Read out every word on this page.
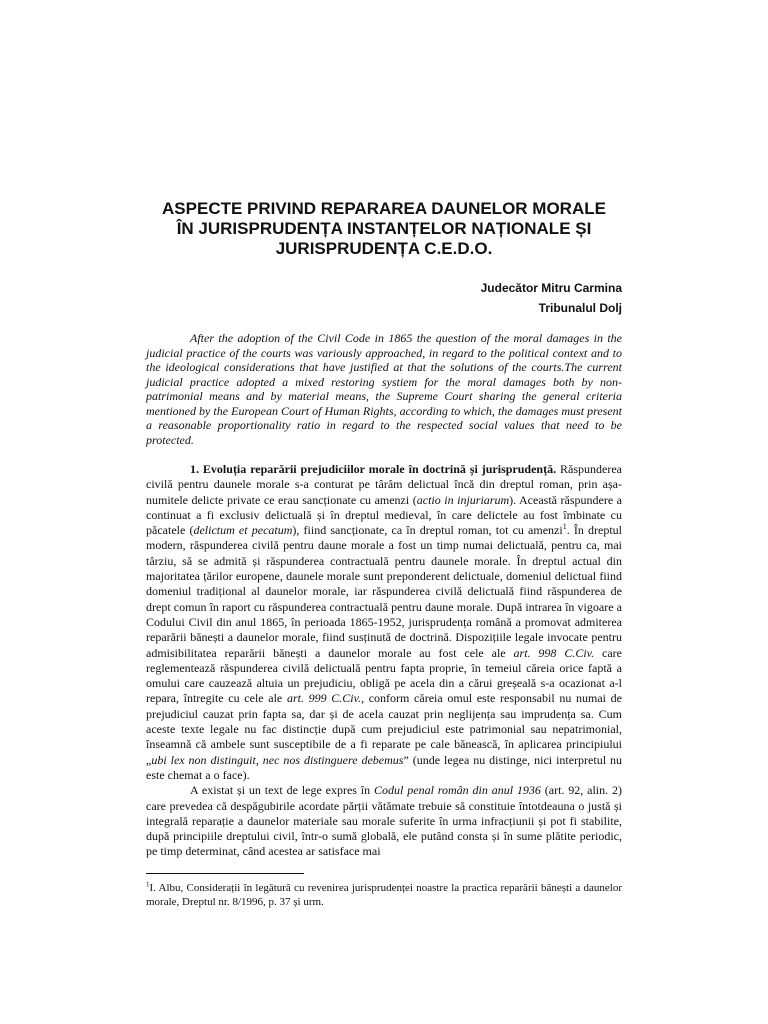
ASPECTE PRIVIND REPARAREA DAUNELOR MORALE
ÎN JURISPRUDENȚA INSTANȚELOR NAȚIONALE ȘI
JURISPRUDENȚA C.E.D.O.
Judecător Mitru Carmina
Tribunalul Dolj

After the adoption of the Civil Code in 1865 the question of the moral damages in the judicial practice of the courts was variously approached, in regard to the political context and to the ideological considerations that have justified at that the solutions of the courts.The current judicial practice adopted a mixed restoring systiem for the moral damages both by non-patrimonial means and by material means, the Supreme Court sharing the general criteria mentioned by the European Court of Human Rights, according to which, the damages must present a reasonable proportionality ratio in regard to the respected social values that need to be protected.

1. Evoluția reparării prejudiciilor morale în doctrină și jurisprudență. Răspunderea civilă pentru daunele morale s-a conturat pe târâm delictual încă din dreptul roman, prin așa-numitele delicte private ce erau sancționate cu amenzi (actio in injuriarum). Această răspundere a continuat a fi exclusiv delictuală și în dreptul medieval, în care delictele au fost îmbinate cu păcatele (delictum et pecatum), fiind sancționate, ca în dreptul roman, tot cu amenzi$^1$. În dreptul modern, răspunderea civilă pentru daune morale a fost un timp numai delictuală, pentru ca, mai târziu, să se admită și răspunderea contractuală pentru daunele morale. În dreptul actual din majoritatea țărilor europene, daunele morale sunt preponderent delictuale, domeniul delictual fiind domeniul tradițional al daunelor morale, iar răspunderea civilă delictuală fiind răspunderea de drept comun în raport cu răspunderea contractuală pentru daune morale. După intrarea în vigoare a Codului Civil din anul 1865, în perioada 1865-1952, jurisprudența română a promovat admiterea reparării bănești a daunelor morale, fiind susținută de doctrină. Dispozițiile legale invocate pentru admisibilitatea reparării bănești a daunelor morale au fost cele ale art. 998 C.Civ. care reglementează răspunderea civilă delictuală pentru fapta proprie, în temeiul căreia orice faptă a omului care cauzează altuia un prejudiciu, obligă pe acela din a cărui greșeală s-a ocazionat a-l repara, întregite cu cele ale art. 999 C.Civ., conform căreia omul este responsabil nu numai de prejudiciul cauzat prin fapta sa, dar și de acela cauzat prin neglijența sau imprudența sa. Cum aceste texte legale nu fac distincție după cum prejudiciul este patrimonial sau nepatrimonial, înseamnă că ambele sunt susceptibile de a fi reparate pe cale bănească, în aplicarea principiului „ubi lex non distinguit, nec nos distinguere debemus” (unde legea nu distinge, nici interpretul nu este chemat a o face).

A existat și un text de lege expres în Codul penal român din anul 1936 (art. 92, alin. 2) care prevedea că despăgubirile acordate părții vătămate trebuie să constituie întotdeauna o justă și integrală reparație a daunelor materiale sau morale suferite în urma infracțiunii și pot fi stabilite, după principiile dreptului civil, într-o sumă globală, ele putând consta și în sume plătite periodic, pe timp determinat, când acestea ar satisface mai

$^1$I. Albu, Considerații în legătură cu revenirea jurisprudenței noastre la practica reparării bănești a daunelor morale, Dreptul nr. 8/1996, p. 37 și urm.
